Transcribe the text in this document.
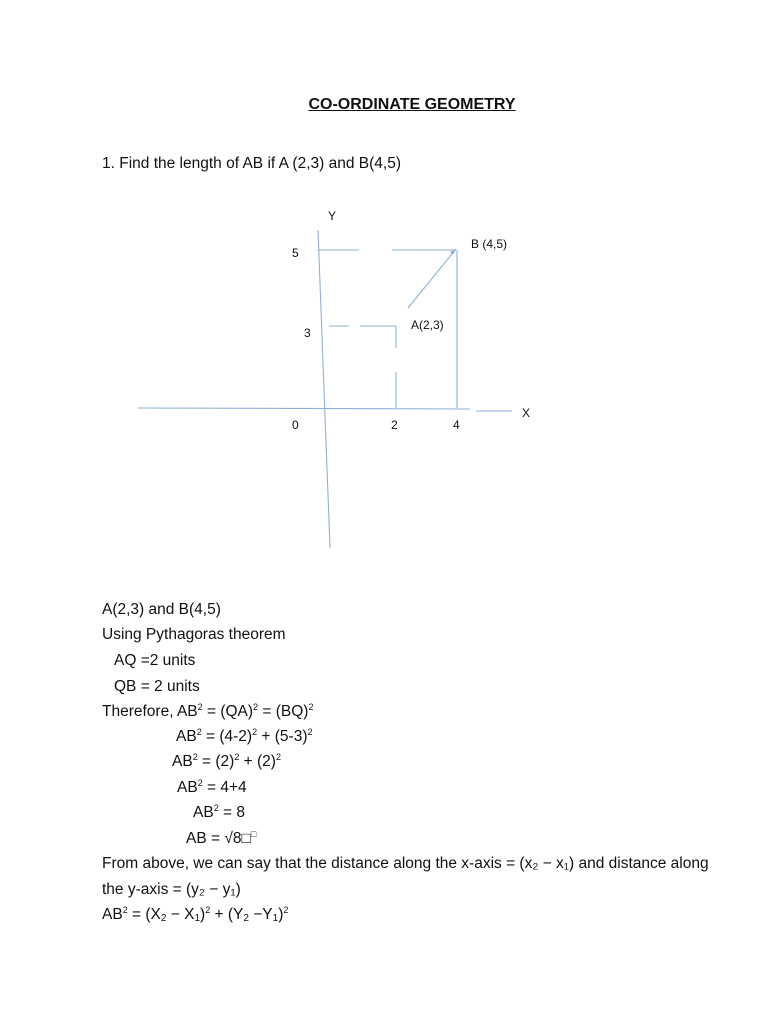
CO-ORDINATE GEOMETRY
1. Find the length of AB if A (2,3) and B(4,5)
Y
X
5
3
0	2	4
B (4,5)
A(2,3)
A(2,3) and B(4,5)
Using Pythagoras theorem
AQ =2 units
QB = 2 units
Therefore, $AB^2 = (QA)^2 = (BQ)^2$
$AB^2 = (4-2)^2 + (5-3)^2$
$AB^2 = (2)^2 + (2)^2$
$AB^2 = 4+4$
$AB^2 = 8$
AB = √8□□
From above, we can say that the distance along the x-axis = (x₂ − x₁) and distance along
the y-axis = (y₂ − y₁)
$AB^2 = (X_2 - X_1)^2 + (Y_2 -Y_1)^2$
